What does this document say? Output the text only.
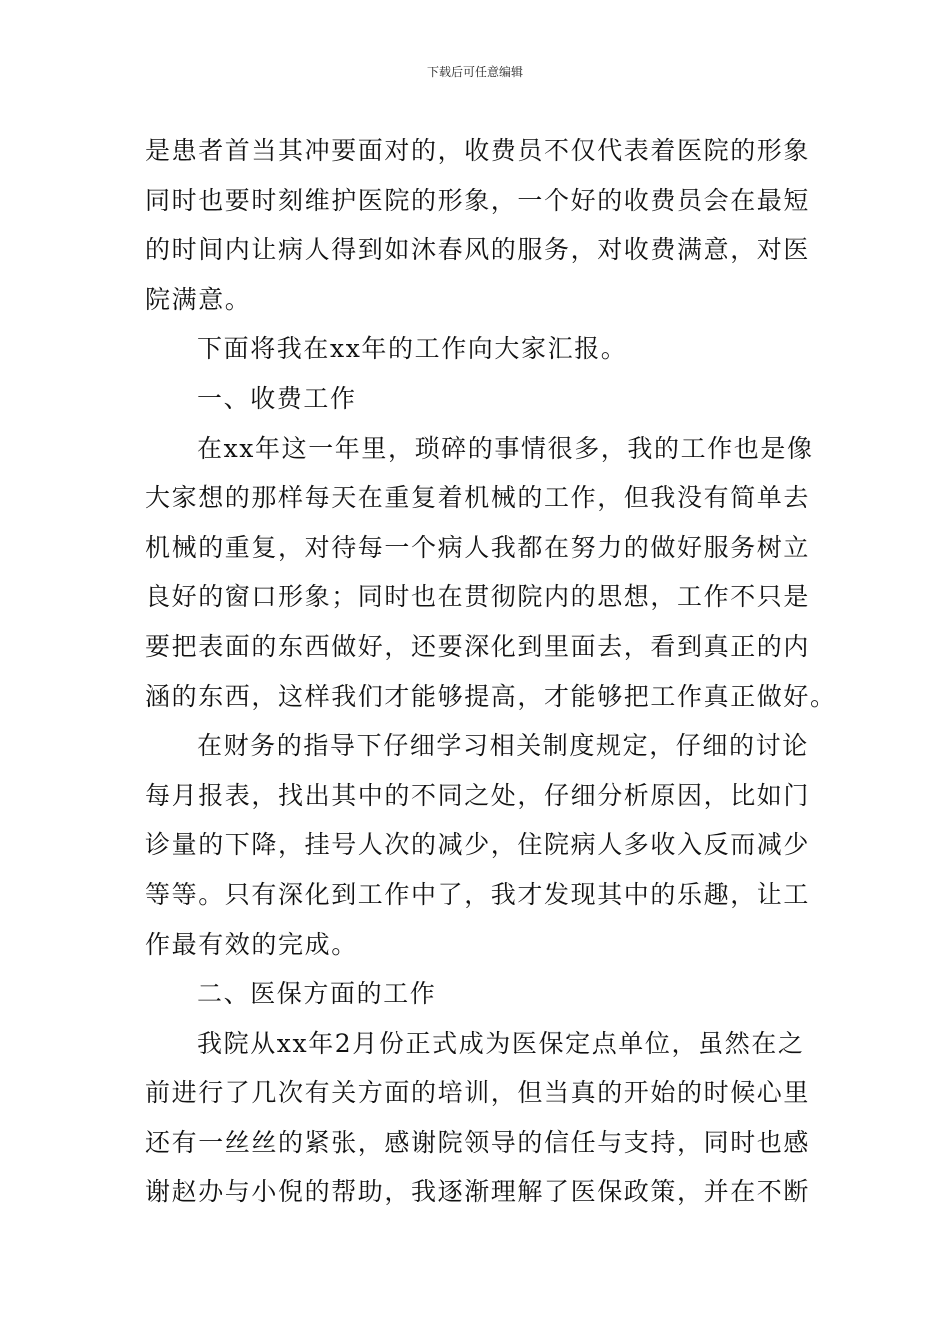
下载后可任意编辑
是患者首当其冲要面对的，收费员不仅代表着医院的形象
同时也要时刻维护医院的形象，一个好的收费员会在最短
的时间内让病人得到如沐春风的服务，对收费满意，对医
院满意。
下面将我在xx年的工作向大家汇报。
一、收费工作
在xx年这一年里，琐碎的事情很多，我的工作也是像
大家想的那样每天在重复着机械的工作，但我没有简单去
机械的重复，对待每一个病人我都在努力的做好服务树立
良好的窗口形象；同时也在贯彻院内的思想，工作不只是
要把表面的东西做好，还要深化到里面去，看到真正的内
涵的东西，这样我们才能够提高，才能够把工作真正做好。
在财务的指导下仔细学习相关制度规定，仔细的讨论
每月报表，找出其中的不同之处，仔细分析原因，比如门
诊量的下降，挂号人次的减少，住院病人多收入反而减少
等等。只有深化到工作中了，我才发现其中的乐趣，让工
作最有效的完成。
二、医保方面的工作
我院从xx年2月份正式成为医保定点单位，虽然在之
前进行了几次有关方面的培训，但当真的开始的时候心里
还有一丝丝的紧张，感谢院领导的信任与支持，同时也感
谢赵办与小倪的帮助，我逐渐理解了医保政策，并在不断
